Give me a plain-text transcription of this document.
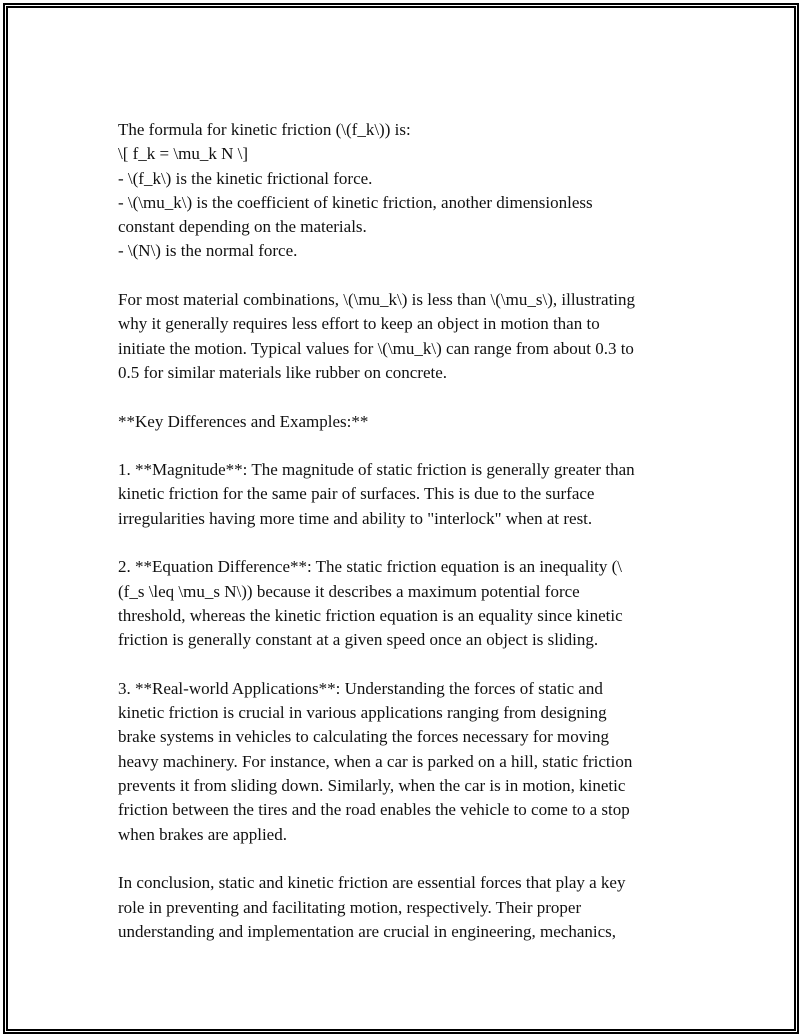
The formula for kinetic friction (\(f_k\)) is:
\[ f_k = \mu_k N \]
- \(f_k\) is the kinetic frictional force.
- \(\mu_k\) is the coefficient of kinetic friction, another dimensionless
constant depending on the materials.
- \(N\) is the normal force.
For most material combinations, \(\mu_k\) is less than \(\mu_s\), illustrating
why it generally requires less effort to keep an object in motion than to
initiate the motion. Typical values for \(\mu_k\) can range from about 0.3 to
0.5 for similar materials like rubber on concrete.
**Key Differences and Examples:**
1. **Magnitude**: The magnitude of static friction is generally greater than
kinetic friction for the same pair of surfaces. This is due to the surface
irregularities having more time and ability to "interlock" when at rest.
2. **Equation Difference**: The static friction equation is an inequality (\
(f_s \leq \mu_s N\)) because it describes a maximum potential force
threshold, whereas the kinetic friction equation is an equality since kinetic
friction is generally constant at a given speed once an object is sliding.
3. **Real-world Applications**: Understanding the forces of static and
kinetic friction is crucial in various applications ranging from designing
brake systems in vehicles to calculating the forces necessary for moving
heavy machinery. For instance, when a car is parked on a hill, static friction
prevents it from sliding down. Similarly, when the car is in motion, kinetic
friction between the tires and the road enables the vehicle to come to a stop
when brakes are applied.
In conclusion, static and kinetic friction are essential forces that play a key
role in preventing and facilitating motion, respectively. Their proper
understanding and implementation are crucial in engineering, mechanics,
